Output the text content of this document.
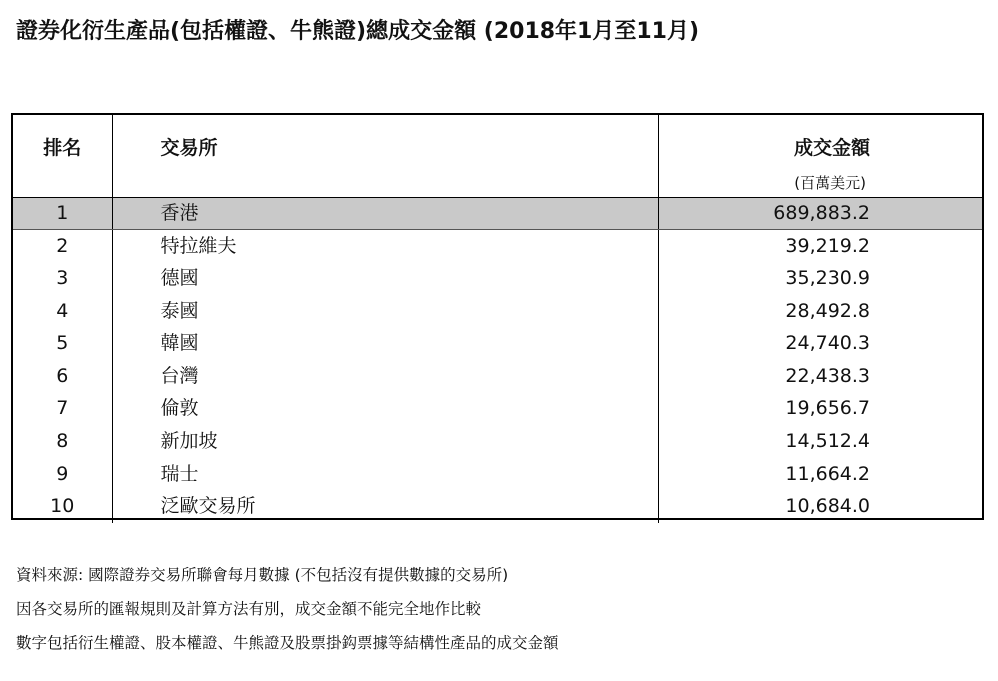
證券化衍生產品(包括權證、牛熊證)總成交金額 (2018年1月至11月)
排名	交易所	成交金額
(百萬美元)

1	香港	689,883.2
2	特拉維夫	39,219.2
3	德國	35,230.9
4	泰國	28,492.8
5	韓國	24,740.3
6	台灣	22,438.3
7	倫敦	19,656.7
8	新加坡	14,512.4
9	瑞士	11,664.2
10	泛歐交易所	10,684.0
資料來源: 國際證券交易所聯會每月數據 (不包括沒有提供數據的交易所)
因各交易所的匯報規則及計算方法有別，成交金額不能完全地作比較
數字包括衍生權證、股本權證、牛熊證及股票掛鈎票據等結構性產品的成交金額
